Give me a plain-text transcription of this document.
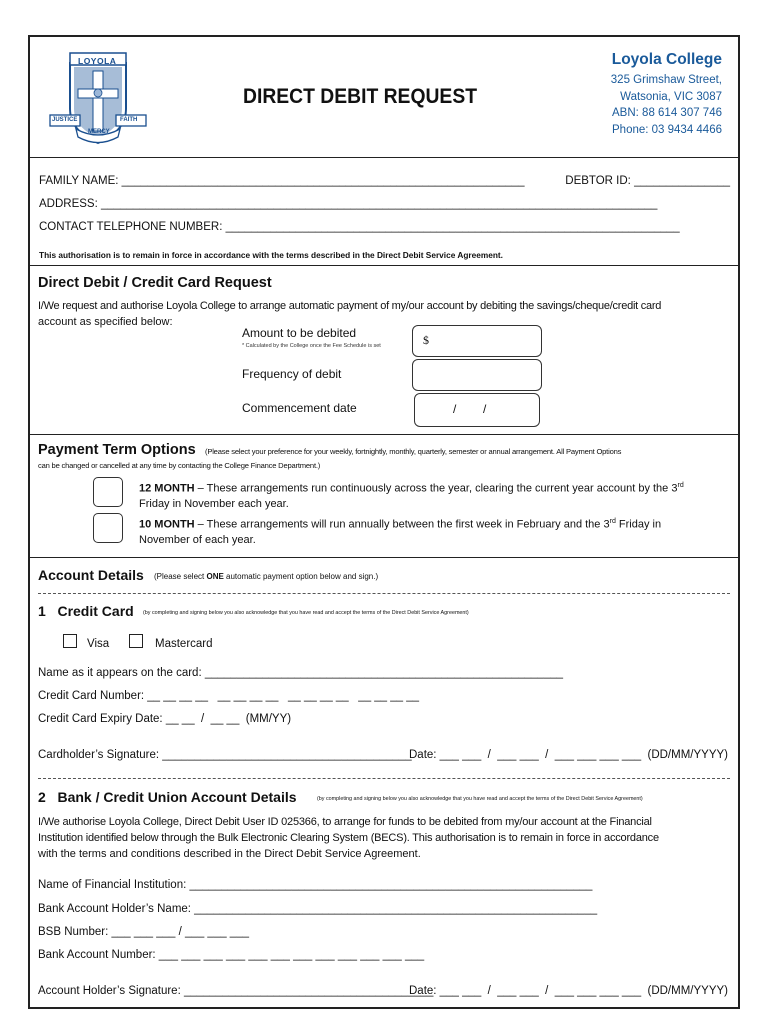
LOYOLA
JUSTICE	FAITH
MERCY
DIRECT DEBIT REQUEST
Loyola College
325 Grimshaw Street,
Watsonia, VIC 3087
ABN: 88 614 307 746
Phone: 03 9434 4466
FAMILY NAME: _______________________________________________________________	DEBTOR ID: _______________
ADDRESS: _______________________________________________________________________________________
CONTACT TELEPHONE NUMBER: _______________________________________________________________________
This authorisation is to remain in force in accordance with the terms described in the Direct Debit Service Agreement.
Direct Debit / Credit Card Request
I/We request and authorise Loyola College to arrange automatic payment of my/our account by debiting the savings/cheque/credit card
account as specified below:
Amount to be debited
* Calculated by the College once the Fee Schedule is set	$
Frequency of debit
Commencement date	/        /
Payment Term Options (Please select your preference for your weekly, fortnightly, monthly, quarterly, semester or annual arrangement. All Payment Options
can be changed or cancelled at any time by contacting the College Finance Department.)
12 MONTH – These arrangements run continuously across the year, clearing the current year account by the 3rd
Friday in November each year.
10 MONTH – These arrangements will run annually between the first week in February and the 3rd Friday in
November of each year.
Account Details (Please select ONE automatic payment option below and sign.)
1   Credit Card (by completing and signing below you also acknowledge that you have read and accept the terms of the Direct Debit Service Agreement)
Visa	Mastercard
Name as it appears on the card: ________________________________________________________
Credit Card Number: __ __ __ __   __ __ __ __   __ __ __ __   __ __ __ __
Credit Card Expiry Date: __ __  /  __ __  (MM/YY)
Cardholder’s Signature: _______________________________________
Date: ___ ___  /  ___ ___  /  ___ ___ ___ ___  (DD/MM/YYYY)
2   Bank / Credit Union Account Details	(by completing and signing below you also acknowledge that you have read and accept the terms of the Direct Debit Service Agreement)
I/We authorise Loyola College, Direct Debit User ID 025366, to arrange for funds to be debited from my/our account at the Financial
Institution identified below through the Bulk Electronic Clearing System (BECS). This authorisation is to remain in force in accordance
with the terms and conditions described in the Direct Debit Service Agreement.
Name of Financial Institution: _______________________________________________________________
Bank Account Holder’s Name: _______________________________________________________________
BSB Number: ___ ___ ___ / ___ ___ ___
Bank Account Number: ___ ___ ___ ___ ___ ___ ___ ___ ___ ___ ___ ___
Account Holder’s Signature: _______________________________________
Date: ___ ___  /  ___ ___  /  ___ ___ ___ ___  (DD/MM/YYYY)
